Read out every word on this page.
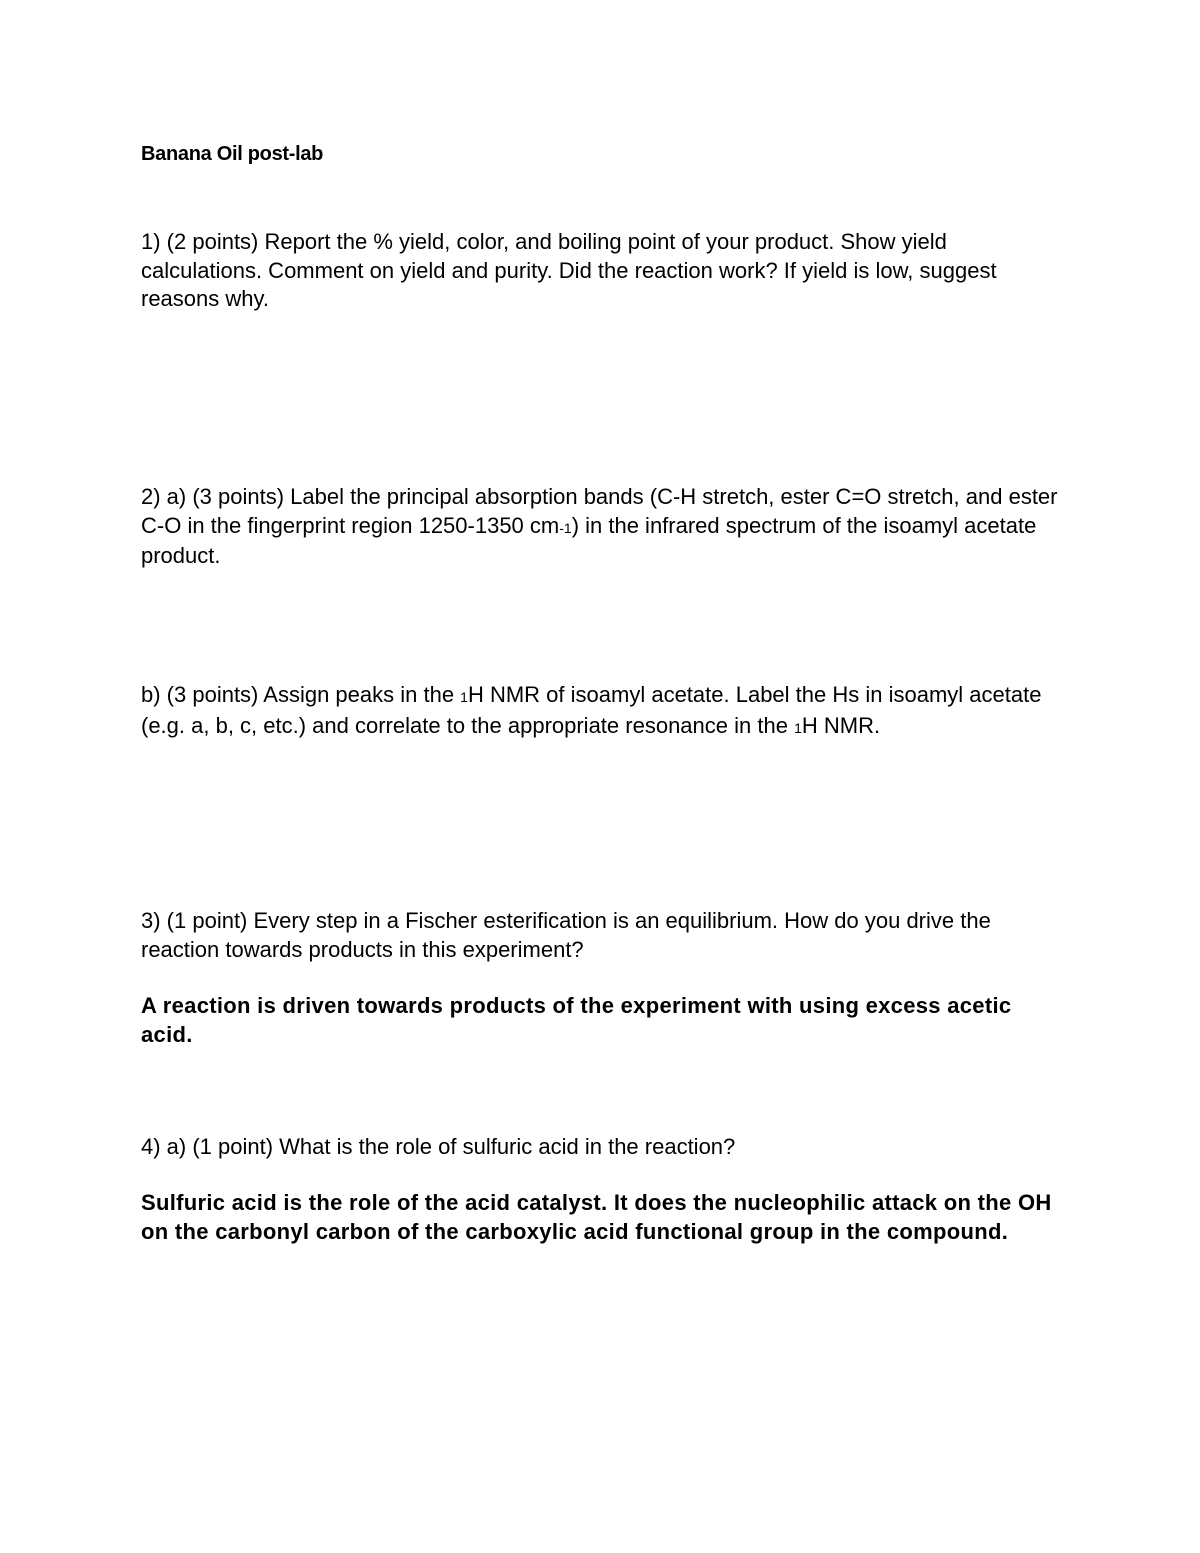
Banana Oil post-lab

1) (2 points) Report the % yield, color, and boiling point of your product. Show yield calculations. Comment on yield and purity. Did the reaction work? If yield is low, suggest reasons why.

2) a) (3 points) Label the principal absorption bands (C-H stretch, ester C=O stretch, and ester C-O in the fingerprint region 1250-1350 cm-1) in the infrared spectrum of the isoamyl acetate product.

b) (3 points) Assign peaks in the 1H NMR of isoamyl acetate. Label the Hs in isoamyl acetate (e.g. a, b, c, etc.) and correlate to the appropriate resonance in the 1H NMR.

3) (1 point) Every step in a Fischer esterification is an equilibrium. How do you drive the reaction towards products in this experiment?

A reaction is driven towards products of the experiment with using excess acetic acid.

4) a) (1 point) What is the role of sulfuric acid in the reaction?

Sulfuric acid is the role of the acid catalyst. It does the nucleophilic attack on the OH on the carbonyl carbon of the carboxylic acid functional group in the compound.
